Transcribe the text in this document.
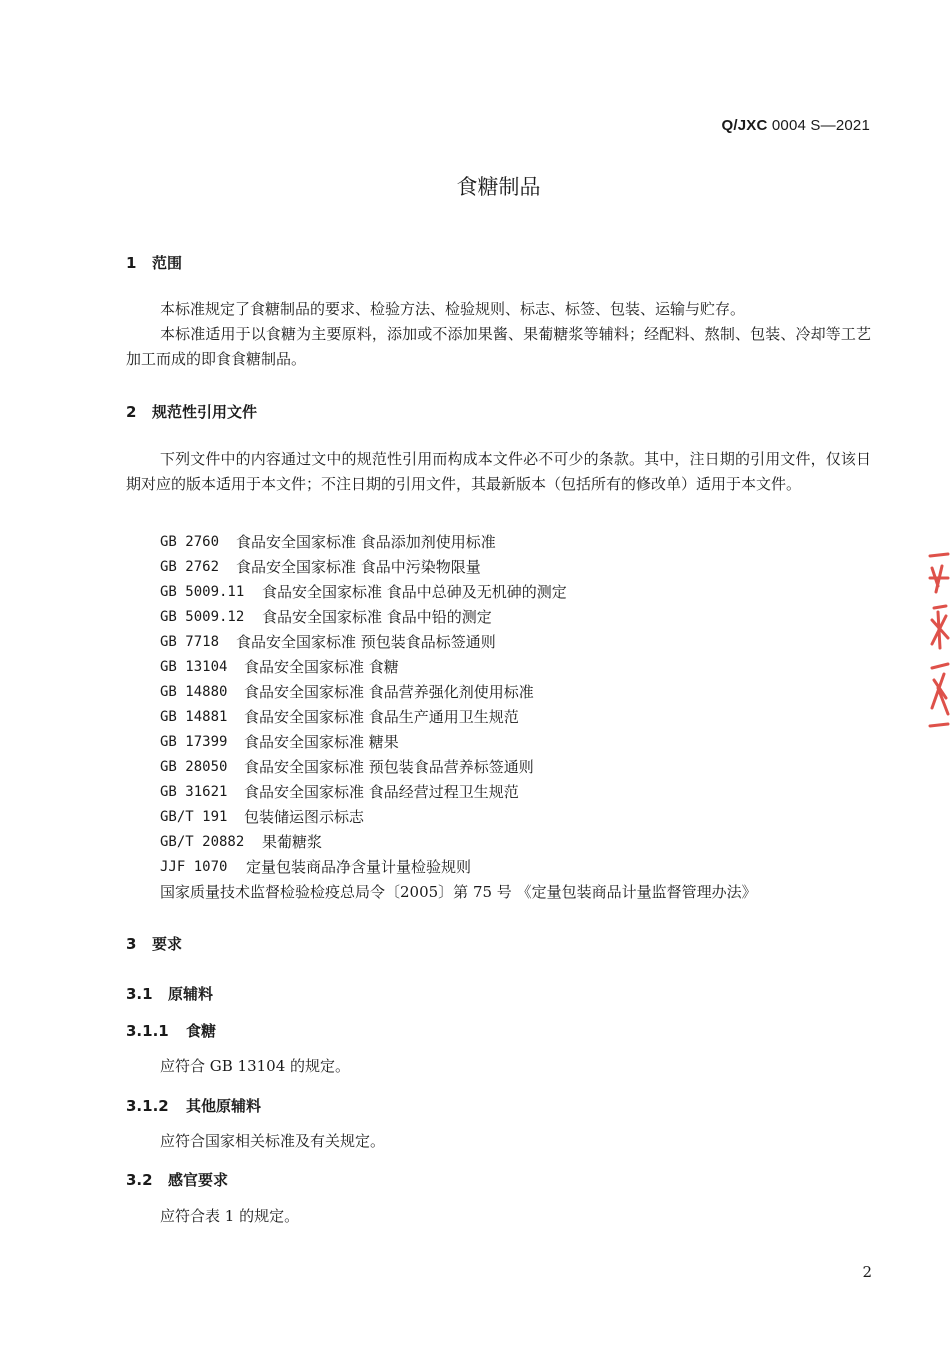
Q/JXC 0004 S—2021
食糖制品
1 范围
本标准规定了食糖制品的要求、检验方法、检验规则、标志、标签、包装、运输与贮存。
本标准适用于以食糖为主要原料，添加或不添加果酱、果葡糖浆等辅料；经配料、熬制、包装、冷却等工艺加工而成的即食食糖制品。
2 规范性引用文件
下列文件中的内容通过文中的规范性引用而构成本文件必不可少的条款。其中，注日期的引用文件，仅该日期对应的版本适用于本文件；不注日期的引用文件，其最新版本（包括所有的修改单）适用于本文件。
GB 2760	食品安全国家标准 食品添加剂使用标准
GB 2762	食品安全国家标准 食品中污染物限量
GB 5009.11	食品安全国家标准 食品中总砷及无机砷的测定
GB 5009.12	食品安全国家标准 食品中铅的测定
GB 7718	食品安全国家标准 预包装食品标签通则
GB 13104	食品安全国家标准 食糖
GB 14880	食品安全国家标准 食品营养强化剂使用标准
GB 14881	食品安全国家标准 食品生产通用卫生规范
GB 17399	食品安全国家标准 糖果
GB 28050	食品安全国家标准 预包装食品营养标签通则
GB 31621	食品安全国家标准 食品经营过程卫生规范
GB/T 191	包装储运图示标志
GB/T 20882	果葡糖浆
JJF 1070	定量包装商品净含量计量检验规则
国家质量技术监督检验检疫总局令〔2005〕第 75 号 《定量包装商品计量监督管理办法》
3 要求
3.1 原辅料
3.1.1 食糖
应符合 GB 13104 的规定。
3.1.2 其他原辅料
应符合国家相关标准及有关规定。
3.2 感官要求
应符合表 1 的规定。
2
